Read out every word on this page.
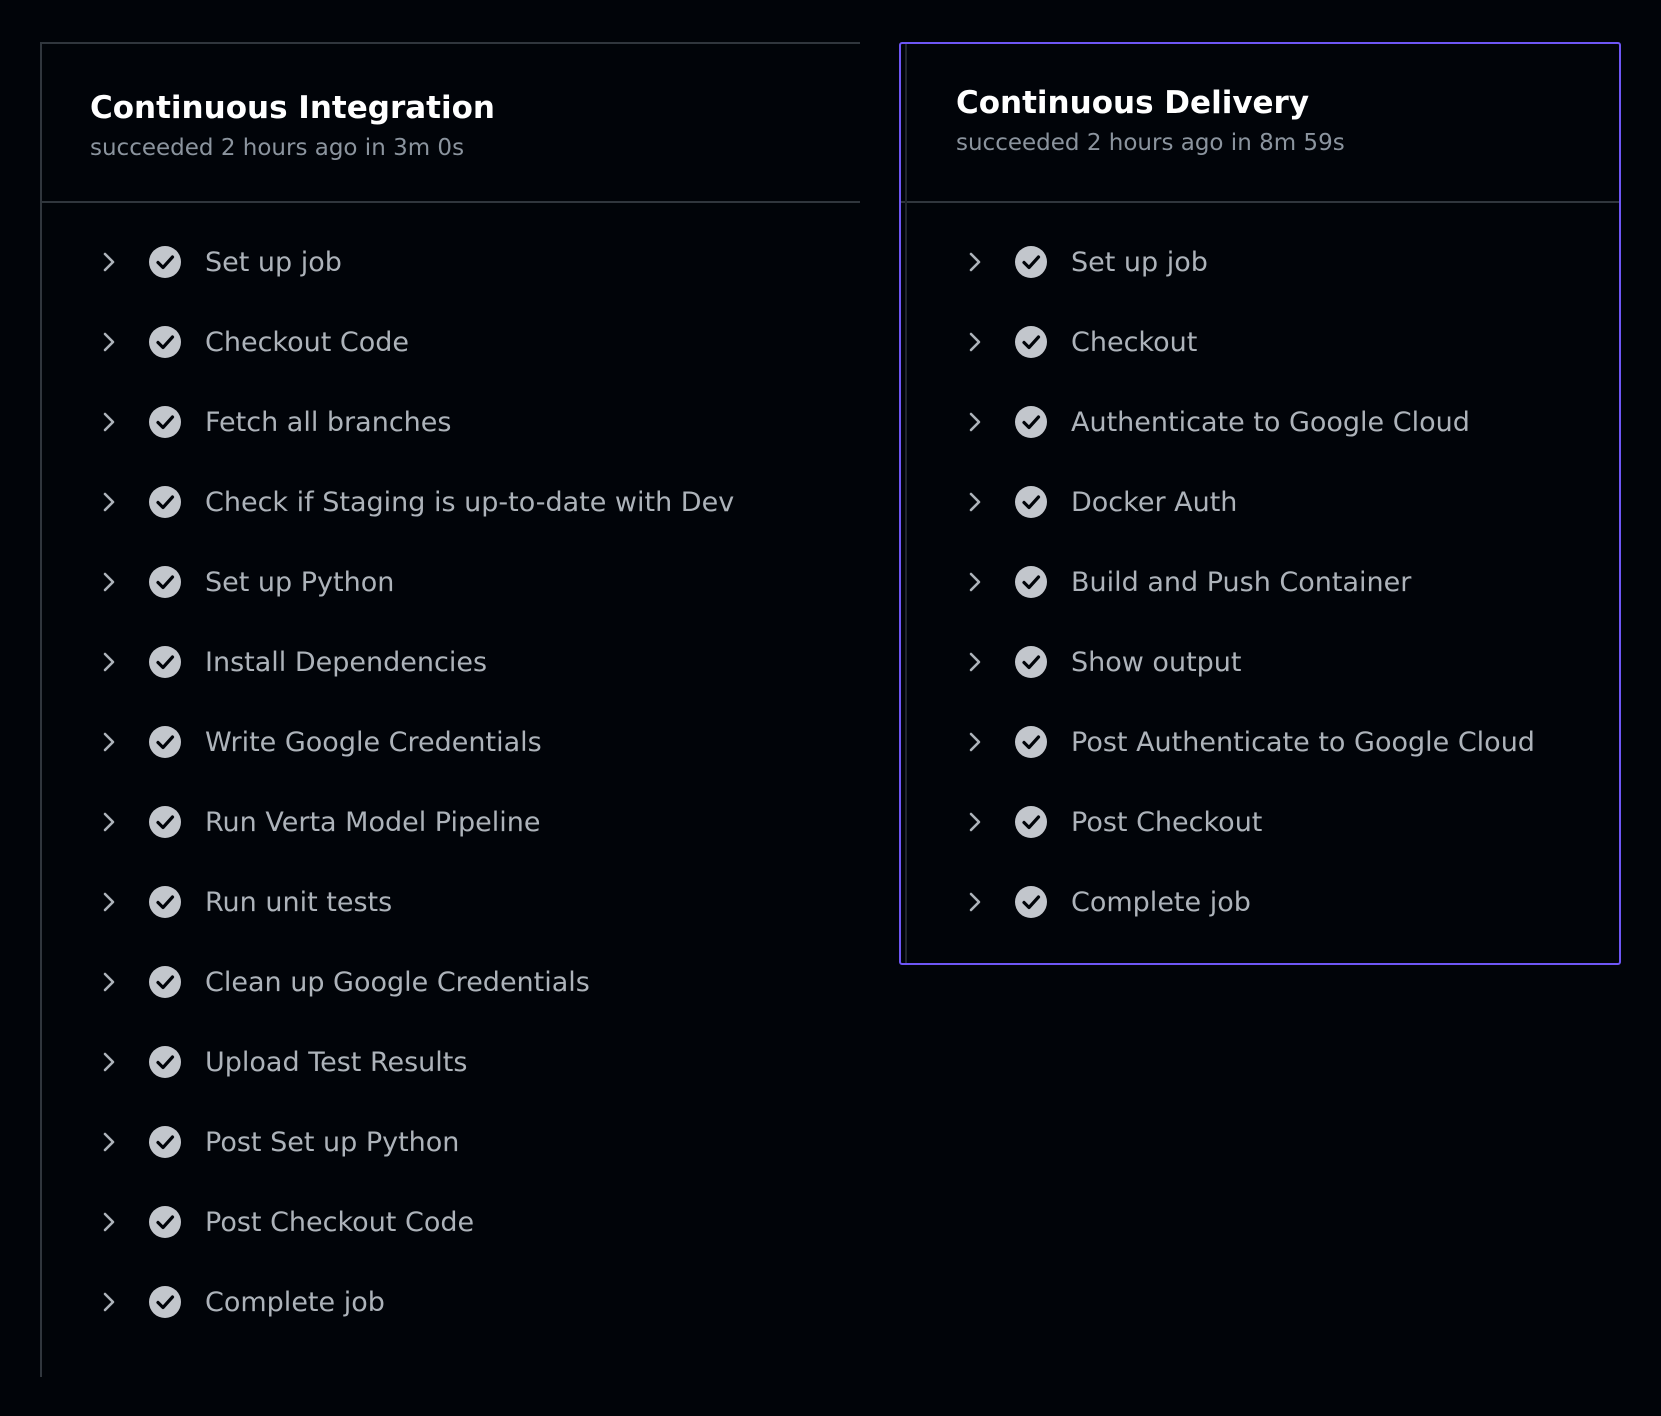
Continuous Integration
succeeded 2 hours ago in 3m 0s
Set up job
Checkout Code
Fetch all branches
Check if Staging is up-to-date with Dev
Set up Python
Install Dependencies
Write Google Credentials
Run Verta Model Pipeline
Run unit tests
Clean up Google Credentials
Upload Test Results
Post Set up Python
Post Checkout Code
Complete job
Continuous Delivery
succeeded 2 hours ago in 8m 59s
Set up job
Checkout
Authenticate to Google Cloud
Docker Auth
Build and Push Container
Show output
Post Authenticate to Google Cloud
Post Checkout
Complete job
